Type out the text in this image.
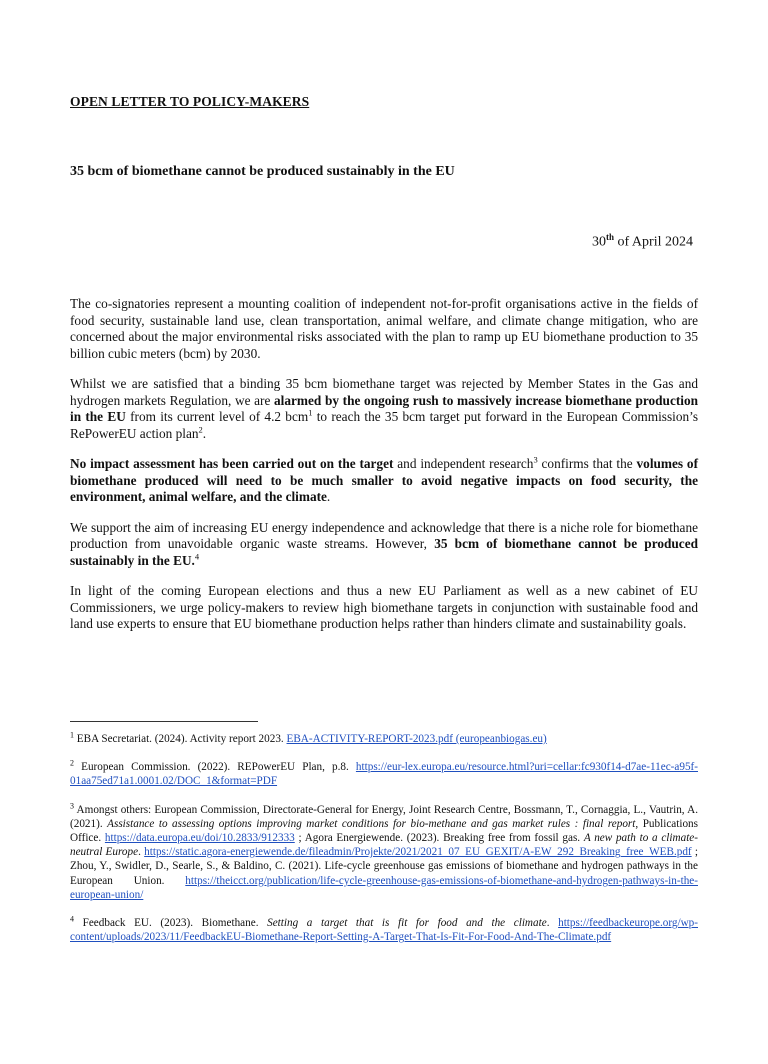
OPEN LETTER TO POLICY-MAKERS
35 bcm of biomethane cannot be produced sustainably in the EU
30th of April 2024

The co-signatories represent a mounting coalition of independent not-for-profit organisations active in the fields of food security, sustainable land use, clean transportation, animal welfare, and climate change mitigation, who are concerned about the major environmental risks associated with the plan to ramp up EU biomethane production to 35 billion cubic meters (bcm) by 2030.

Whilst we are satisfied that a binding 35 bcm biomethane target was rejected by Member States in the Gas and hydrogen markets Regulation, we are alarmed by the ongoing rush to massively increase biomethane production in the EU from its current level of 4.2 bcm$^1$ to reach the 35 bcm target put forward in the European Commission’s RePowerEU action plan$^2$.

No impact assessment has been carried out on the target and independent research$^3$ confirms that the volumes of biomethane produced will need to be much smaller to avoid negative impacts on food security, the environment, animal welfare, and the climate.

We support the aim of increasing EU energy independence and acknowledge that there is a niche role for biomethane production from unavoidable organic waste streams. However, 35 bcm of biomethane cannot be produced sustainably in the EU.$^4$

In light of the coming European elections and thus a new EU Parliament as well as a new cabinet of EU Commissioners, we urge policy-makers to review high biomethane targets in conjunction with sustainable food and land use experts to ensure that EU biomethane production helps rather than hinders climate and sustainability goals.

$^1$ EBA Secretariat. (2024). Activity report 2023. EBA-ACTIVITY-REPORT-2023.pdf (europeanbiogas.eu)
$^2$ European Commission. (2022). REPowerEU Plan, p.8. https://eur-lex.europa.eu/resource.html?uri=cellar:fc930f14-d7ae-11ec-a95f-01aa75ed71a1.0001.02/DOC_1&format=PDF
$^3$ Amongst others: European Commission, Directorate-General for Energy, Joint Research Centre, Bossmann, T., Cornaggia, L., Vautrin, A. (2021). Assistance to assessing options improving market conditions for bio-methane and gas market rules : final report, Publications Office. https://data.europa.eu/doi/10.2833/912333 ; Agora Energiewende. (2023). Breaking free from fossil gas. A new path to a climate-neutral Europe. https://static.agora-energiewende.de/fileadmin/Projekte/2021/2021_07_EU_GEXIT/A-EW_292_Breaking_free_WEB.pdf ; Zhou, Y., Swidler, D., Searle, S., & Baldino, C. (2021). Life-cycle greenhouse gas emissions of biomethane and hydrogen pathways in the European Union. https://theicct.org/publication/life-cycle-greenhouse-gas-emissions-of-biomethane-and-hydrogen-pathways-in-the-european-union/
$^4$ Feedback EU. (2023). Biomethane. Setting a target that is fit for food and the climate. https://feedbackeurope.org/wp-content/uploads/2023/11/FeedbackEU-Biomethane-Report-Setting-A-Target-That-Is-Fit-For-Food-And-The-Climate.pdf
